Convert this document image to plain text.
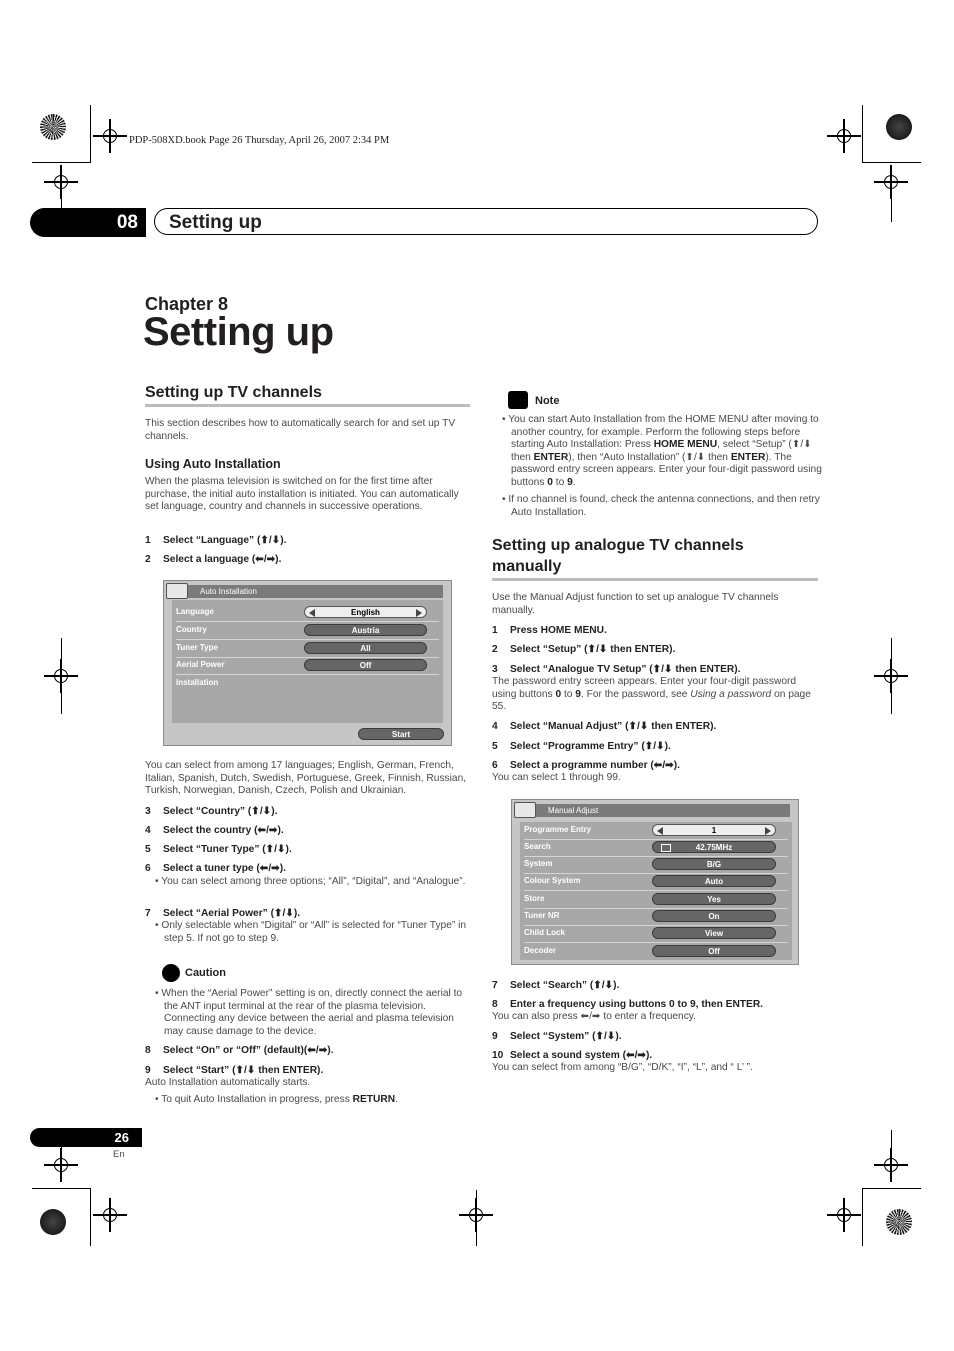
PDP-508XD.book Page 26 Thursday, April 26, 2007 2:34 PM
08	Setting up
Chapter 8
Setting up
Setting up TV channels
This section describes how to automatically search for and set up TV channels.
Using Auto Installation
When the plasma television is switched on for the first time after purchase, the initial auto installation is initiated. You can automatically set language, country and channels in successive operations.
1 Select “Language” (⬆/⬇).
2 Select a language (⬅/➡).
Auto Installation
Language	English
Country	Austria
Tuner Type	All
Aerial Power	Off
Installation
Start
You can select from among 17 languages; English, German, French, Italian, Spanish, Dutch, Swedish, Portuguese, Greek, Finnish, Russian, Turkish, Norwegian, Danish, Czech, Polish and Ukrainian.
3 Select “Country” (⬆/⬇).
4 Select the country (⬅/➡).
5 Select “Tuner Type” (⬆/⬇).
6 Select a tuner type (⬅/➡).
• You can select among three options; “All”, “Digital”, and “Analogue”.
7 Select “Aerial Power” (⬆/⬇).
• Only selectable when “Digital” or “All” is selected for “Tuner Type” in step 5. If not go to step 9.
Caution
• When the “Aerial Power” setting is on, directly connect the aerial to the ANT input terminal at the rear of the plasma television. Connecting any device between the aerial and plasma television may cause damage to the device.
8 Select “On” or “Off” (default)(⬅/➡).
9 Select “Start” (⬆/⬇ then ENTER).
Auto Installation automatically starts.
• To quit Auto Installation in progress, press RETURN.
Note
• You can start Auto Installation from the HOME MENU after moving to another country, for example. Perform the following steps before starting Auto Installation: Press HOME MENU, select “Setup” (⬆/⬇ then ENTER), then “Auto Installation” (⬆/⬇ then ENTER). The password entry screen appears. Enter your four-digit password using buttons 0 to 9.
• If no channel is found, check the antenna connections, and then retry Auto Installation.
Setting up analogue TV channels manually
Use the Manual Adjust function to set up analogue TV channels manually.
1 Press HOME MENU.
2 Select “Setup” (⬆/⬇ then ENTER).
3 Select “Analogue TV Setup” (⬆/⬇ then ENTER).
The password entry screen appears. Enter your four-digit password using buttons 0 to 9. For the password, see Using a password on page 55.
4 Select “Manual Adjust” (⬆/⬇ then ENTER).
5 Select “Programme Entry” (⬆/⬇).
6 Select a programme number (⬅/➡).
You can select 1 through 99.
Manual Adjust
Programme Entry	1
Search	42.75MHz
System	B/G
Colour System	Auto
Store	Yes
Tuner NR	On
Child Lock	View
Decoder	Off
7 Select “Search” (⬆/⬇).
8 Enter a frequency using buttons 0 to 9, then ENTER.
You can also press ⬅/➡ to enter a frequency.
9 Select “System” (⬆/⬇).
10 Select a sound system (⬅/➡).
You can select from among “B/G”, “D/K”, “I”, “L”, and “ L’ ”.
26
En
